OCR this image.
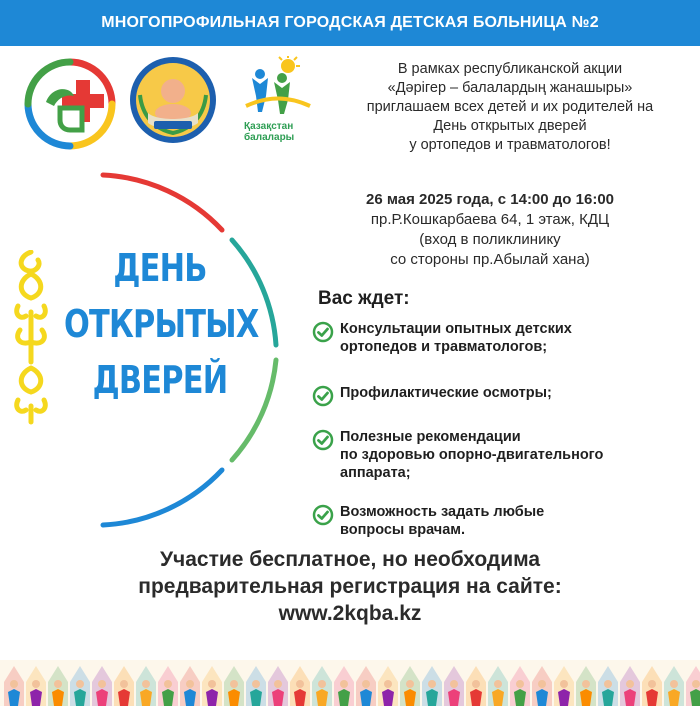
МНОГОПРОФИЛЬНАЯ ГОРОДСКАЯ ДЕТСКАЯ БОЛЬНИЦА №2
Қазақстан
балалары
В рамках республиканской акции
«Дәрігер – балалардың жанашыры»
приглашаем всех детей и их родителей на
День открытых дверей
у ортопедов и травматологов!
ДЕНЬ
ОТКРЫТЫХ
ДВЕРЕЙ
26 мая 2025 года, с 14:00 до 16:00
пр.Р.Кошкарбаева 64, 1 этаж, КДЦ
(вход в поликлинику
со стороны пр.Абылай хана)
Вас ждет:
Консультации опытных детских
ортопедов и травматологов;
Профилактические осмотры;
Полезные рекомендации
по здоровью опорно-двигательного
аппарата;
Возможность задать любые
вопросы врачам.
Участие бесплатное, но необходима
предварительная регистрация на сайте:
www.2kqba.kz
